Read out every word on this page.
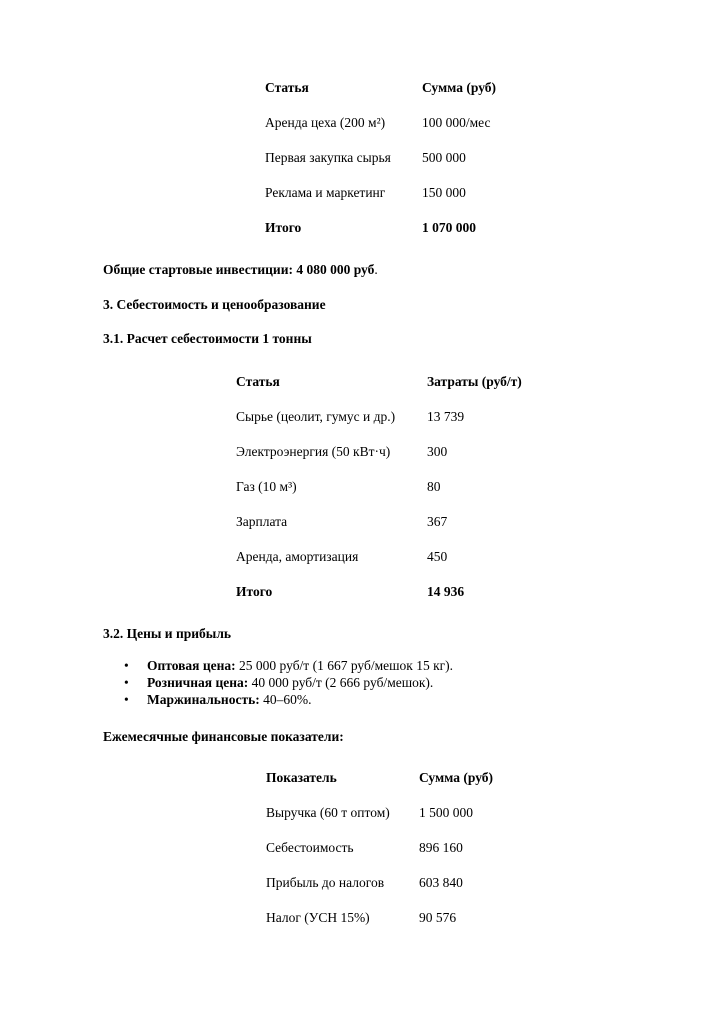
Статья	Сумма (руб)
Аренда цеха (200 м²)	100 000/мес
Первая закупка сырья	500 000
Реклама и маркетинг	150 000
Итого	1 070 000
Общие стартовые инвестиции: 4 080 000 руб.
3. Себестоимость и ценообразование
3.1. Расчет себестоимости 1 тонны
Статья	Затраты (руб/т)
Сырье (цеолит, гумус и др.)	13 739
Электроэнергия (50 кВт·ч)	300
Газ (10 м³)	80
Зарплата	367
Аренда, амортизация	450
Итого	14 936
3.2. Цены и прибыль
• Оптовая цена: 25 000 руб/т (1 667 руб/мешок 15 кг).
• Розничная цена: 40 000 руб/т (2 666 руб/мешок).
• Маржинальность: 40–60%.
Ежемесячные финансовые показатели:
Показатель	Сумма (руб)
Выручка (60 т оптом)	1 500 000
Себестоимость	896 160
Прибыль до налогов	603 840
Налог (УСН 15%)	90 576
